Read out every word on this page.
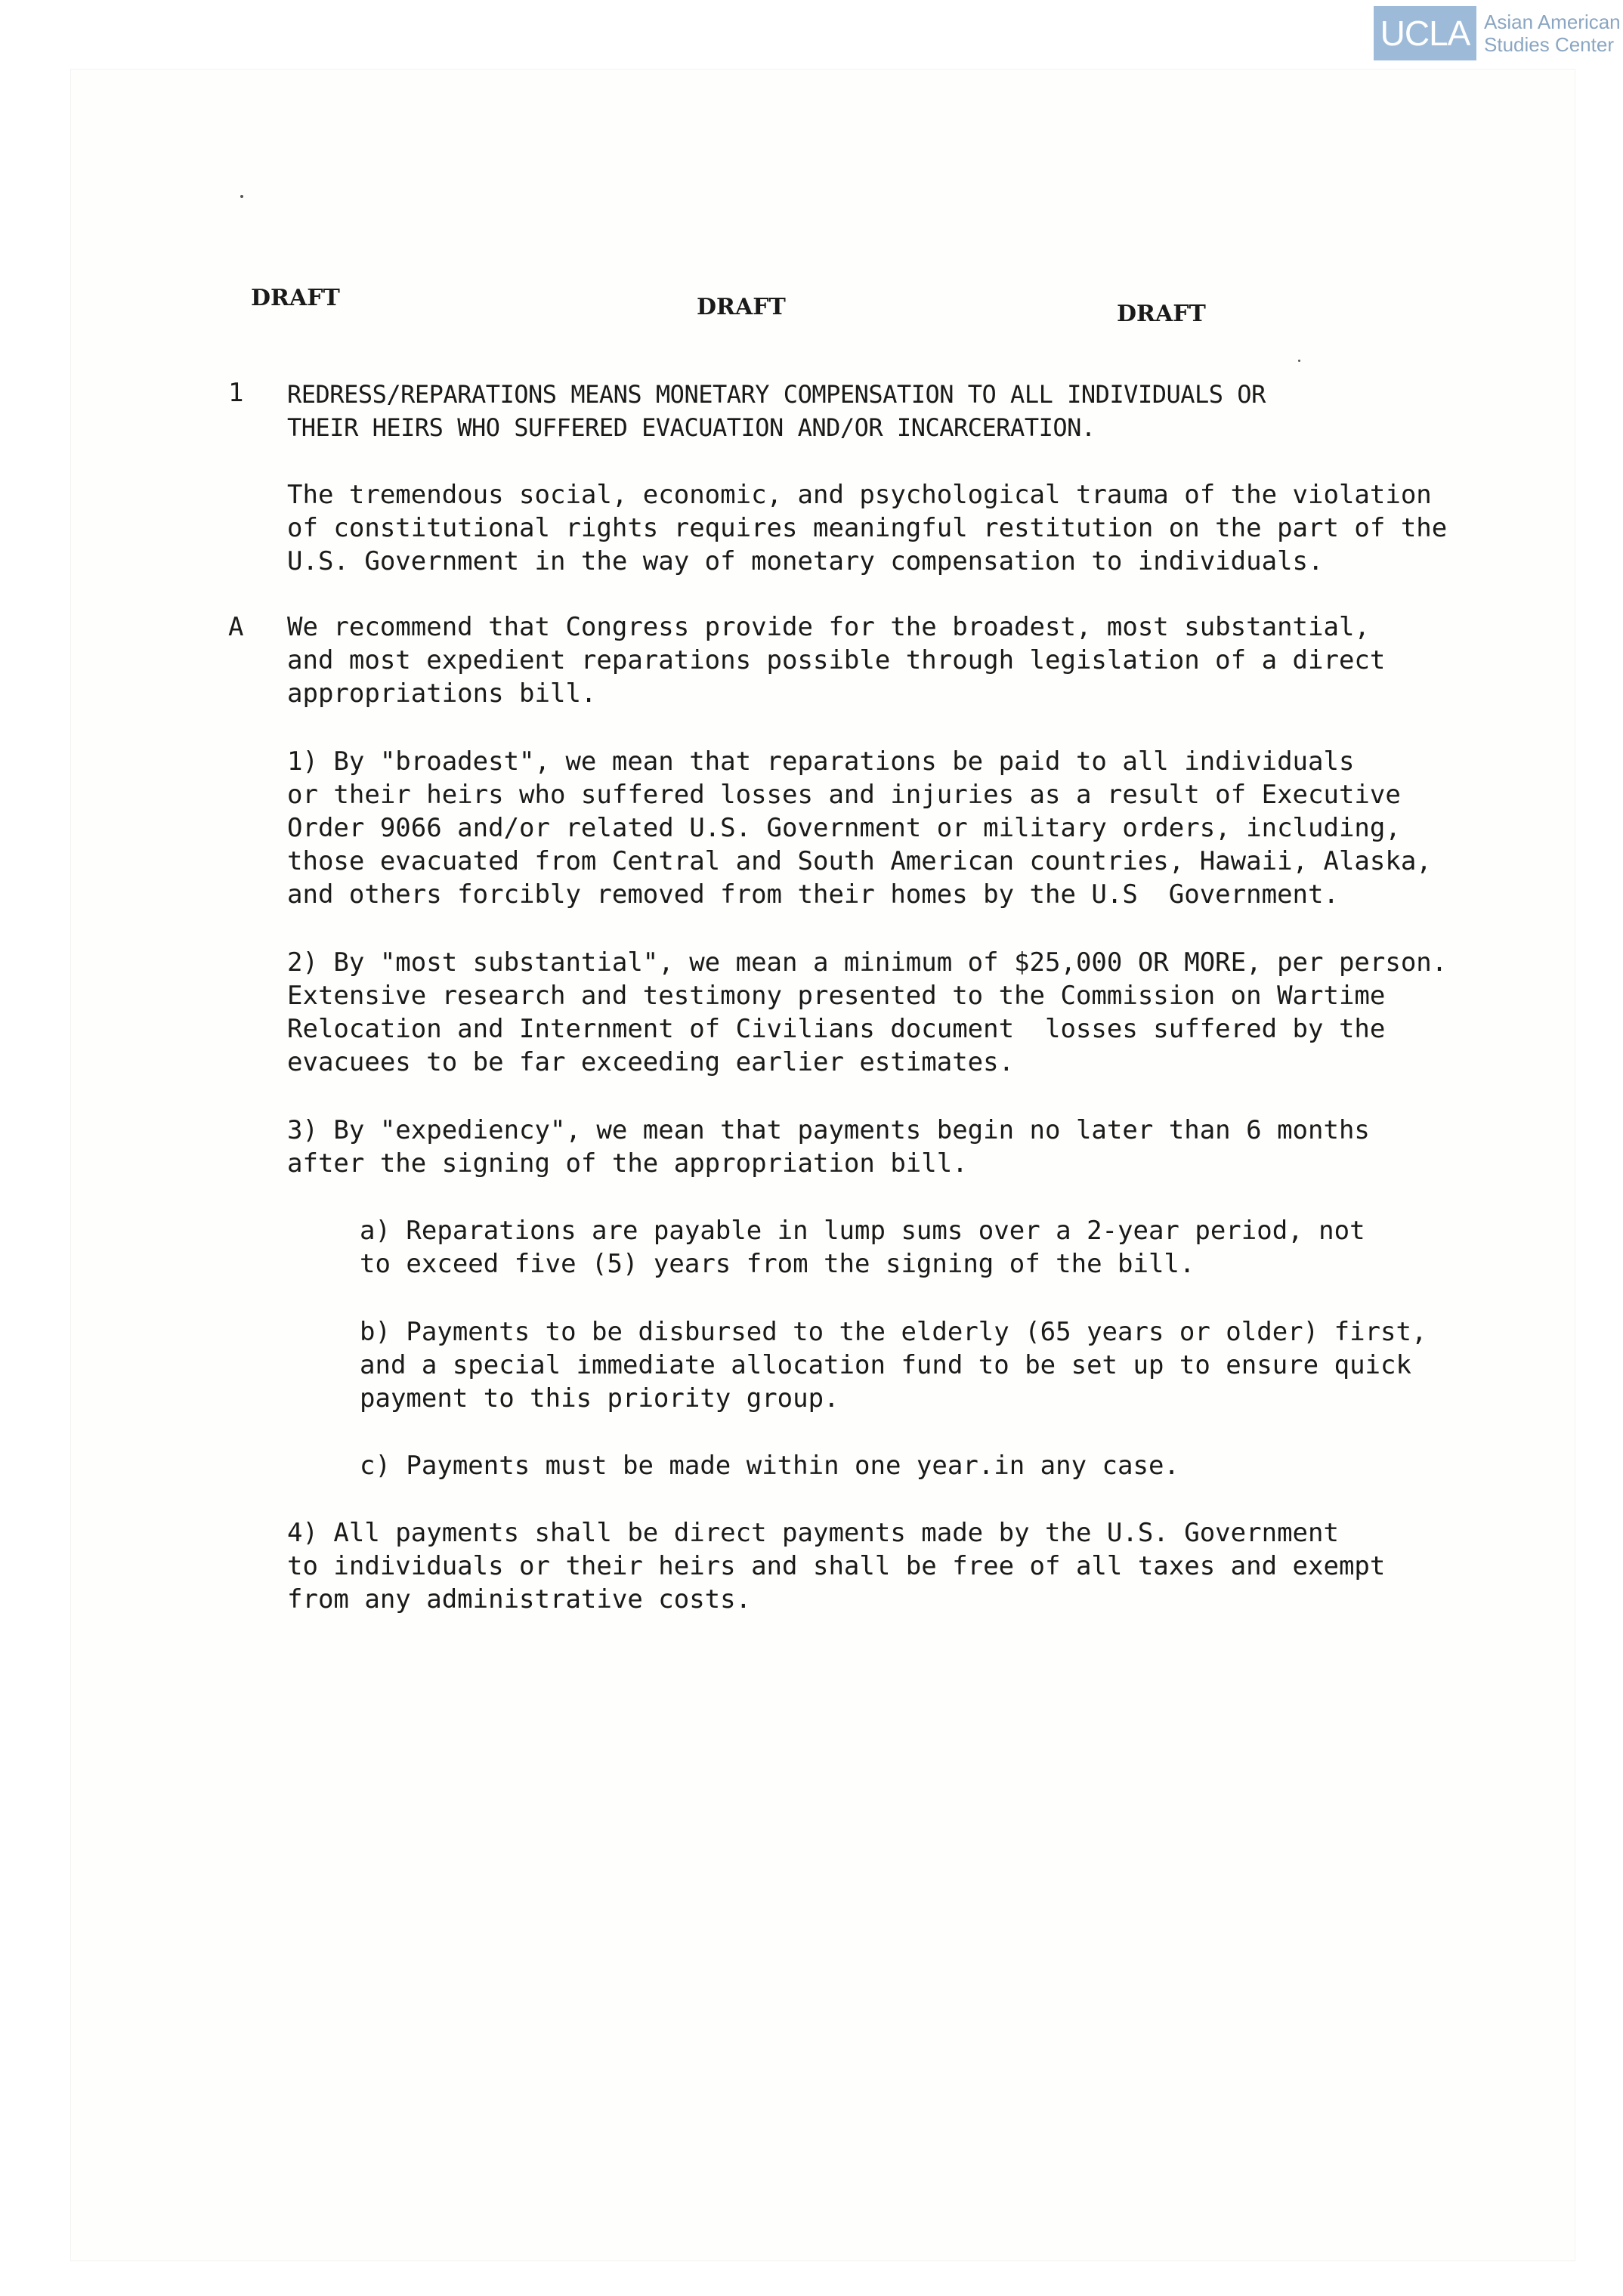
UCLA Asian American
Studies Center
DRAFT	DRAFT	DRAFT
1 REDRESS/REPARATIONS MEANS MONETARY COMPENSATION TO ALL INDIVIDUALS OR
THEIR HEIRS WHO SUFFERED EVACUATION AND/OR INCARCERATION.
The tremendous social, economic, and psychological trauma of the violation
of constitutional rights requires meaningful restitution on the part of the
U.S. Government in the way of monetary compensation to individuals.
A We recommend that Congress provide for the broadest, most substantial,
and most expedient reparations possible through legislation of a direct
appropriations bill.
1) By "broadest", we mean that reparations be paid to all individuals
or their heirs who suffered losses and injuries as a result of Executive
Order 9066 and/or related U.S. Government or military orders, including,
those evacuated from Central and South American countries, Hawaii, Alaska,
and others forcibly removed from their homes by the U.S  Government.
2) By "most substantial", we mean a minimum of $25,000 OR MORE, per person.
Extensive research and testimony presented to the Commission on Wartime
Relocation and Internment of Civilians document  losses suffered by the
evacuees to be far exceeding earlier estimates.
3) By "expediency", we mean that payments begin no later than 6 months
after the signing of the appropriation bill.
a) Reparations are payable in lump sums over a 2-year period, not
to exceed five (5) years from the signing of the bill.
b) Payments to be disbursed to the elderly (65 years or older) first,
and a special immediate allocation fund to be set up to ensure quick
payment to this priority group.
c) Payments must be made within one year.in any case.
4) All payments shall be direct payments made by the U.S. Government
to individuals or their heirs and shall be free of all taxes and exempt
from any administrative costs.
